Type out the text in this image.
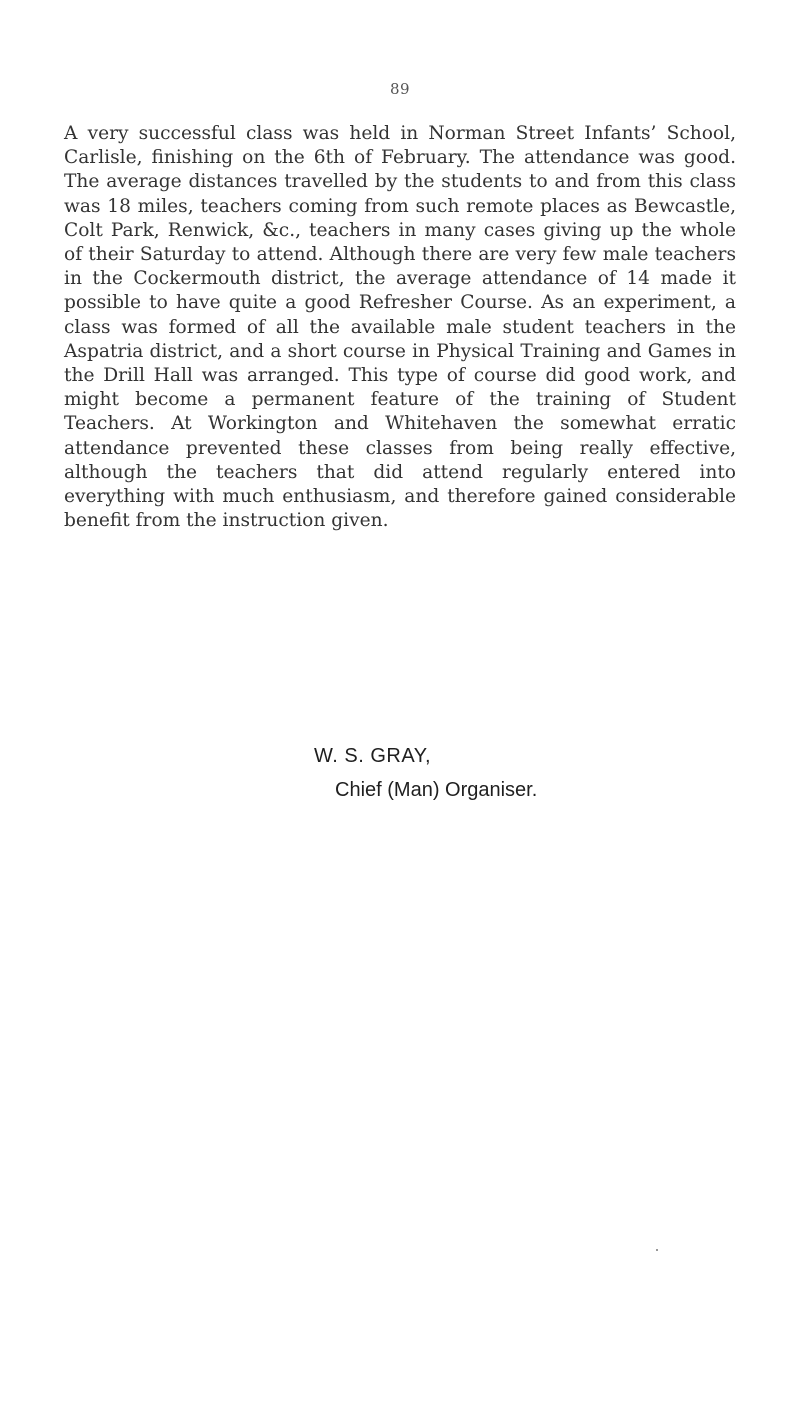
89

A very successful class was held in Norman Street Infants’ School, Carlisle, finishing on the 6th of February. The attendance was good. The average distances travelled by the students to and from this class was 18 miles, teachers coming from such remote places as Bewcastle, Colt Park, Renwick, &c., teachers in many cases giving up the whole of their Saturday to attend. Although there are very few male teachers in the Cockermouth district, the average attendance of 14 made it possible to have quite a good Refresher Course. As an experiment, a class was formed of all the available male student teachers in the Aspatria district, and a short course in Physical Training and Games in the Drill Hall was arranged. This type of course did good work, and might become a permanent feature of the training of Student Teachers. At Workington and Whitehaven the somewhat erratic attendance prevented these classes from being really effective, although the teachers that did attend regularly entered into everything with much enthusiasm, and therefore gained considerable benefit from the instruction given.

W. S. GRAY,
Chief (Man) Organiser.
